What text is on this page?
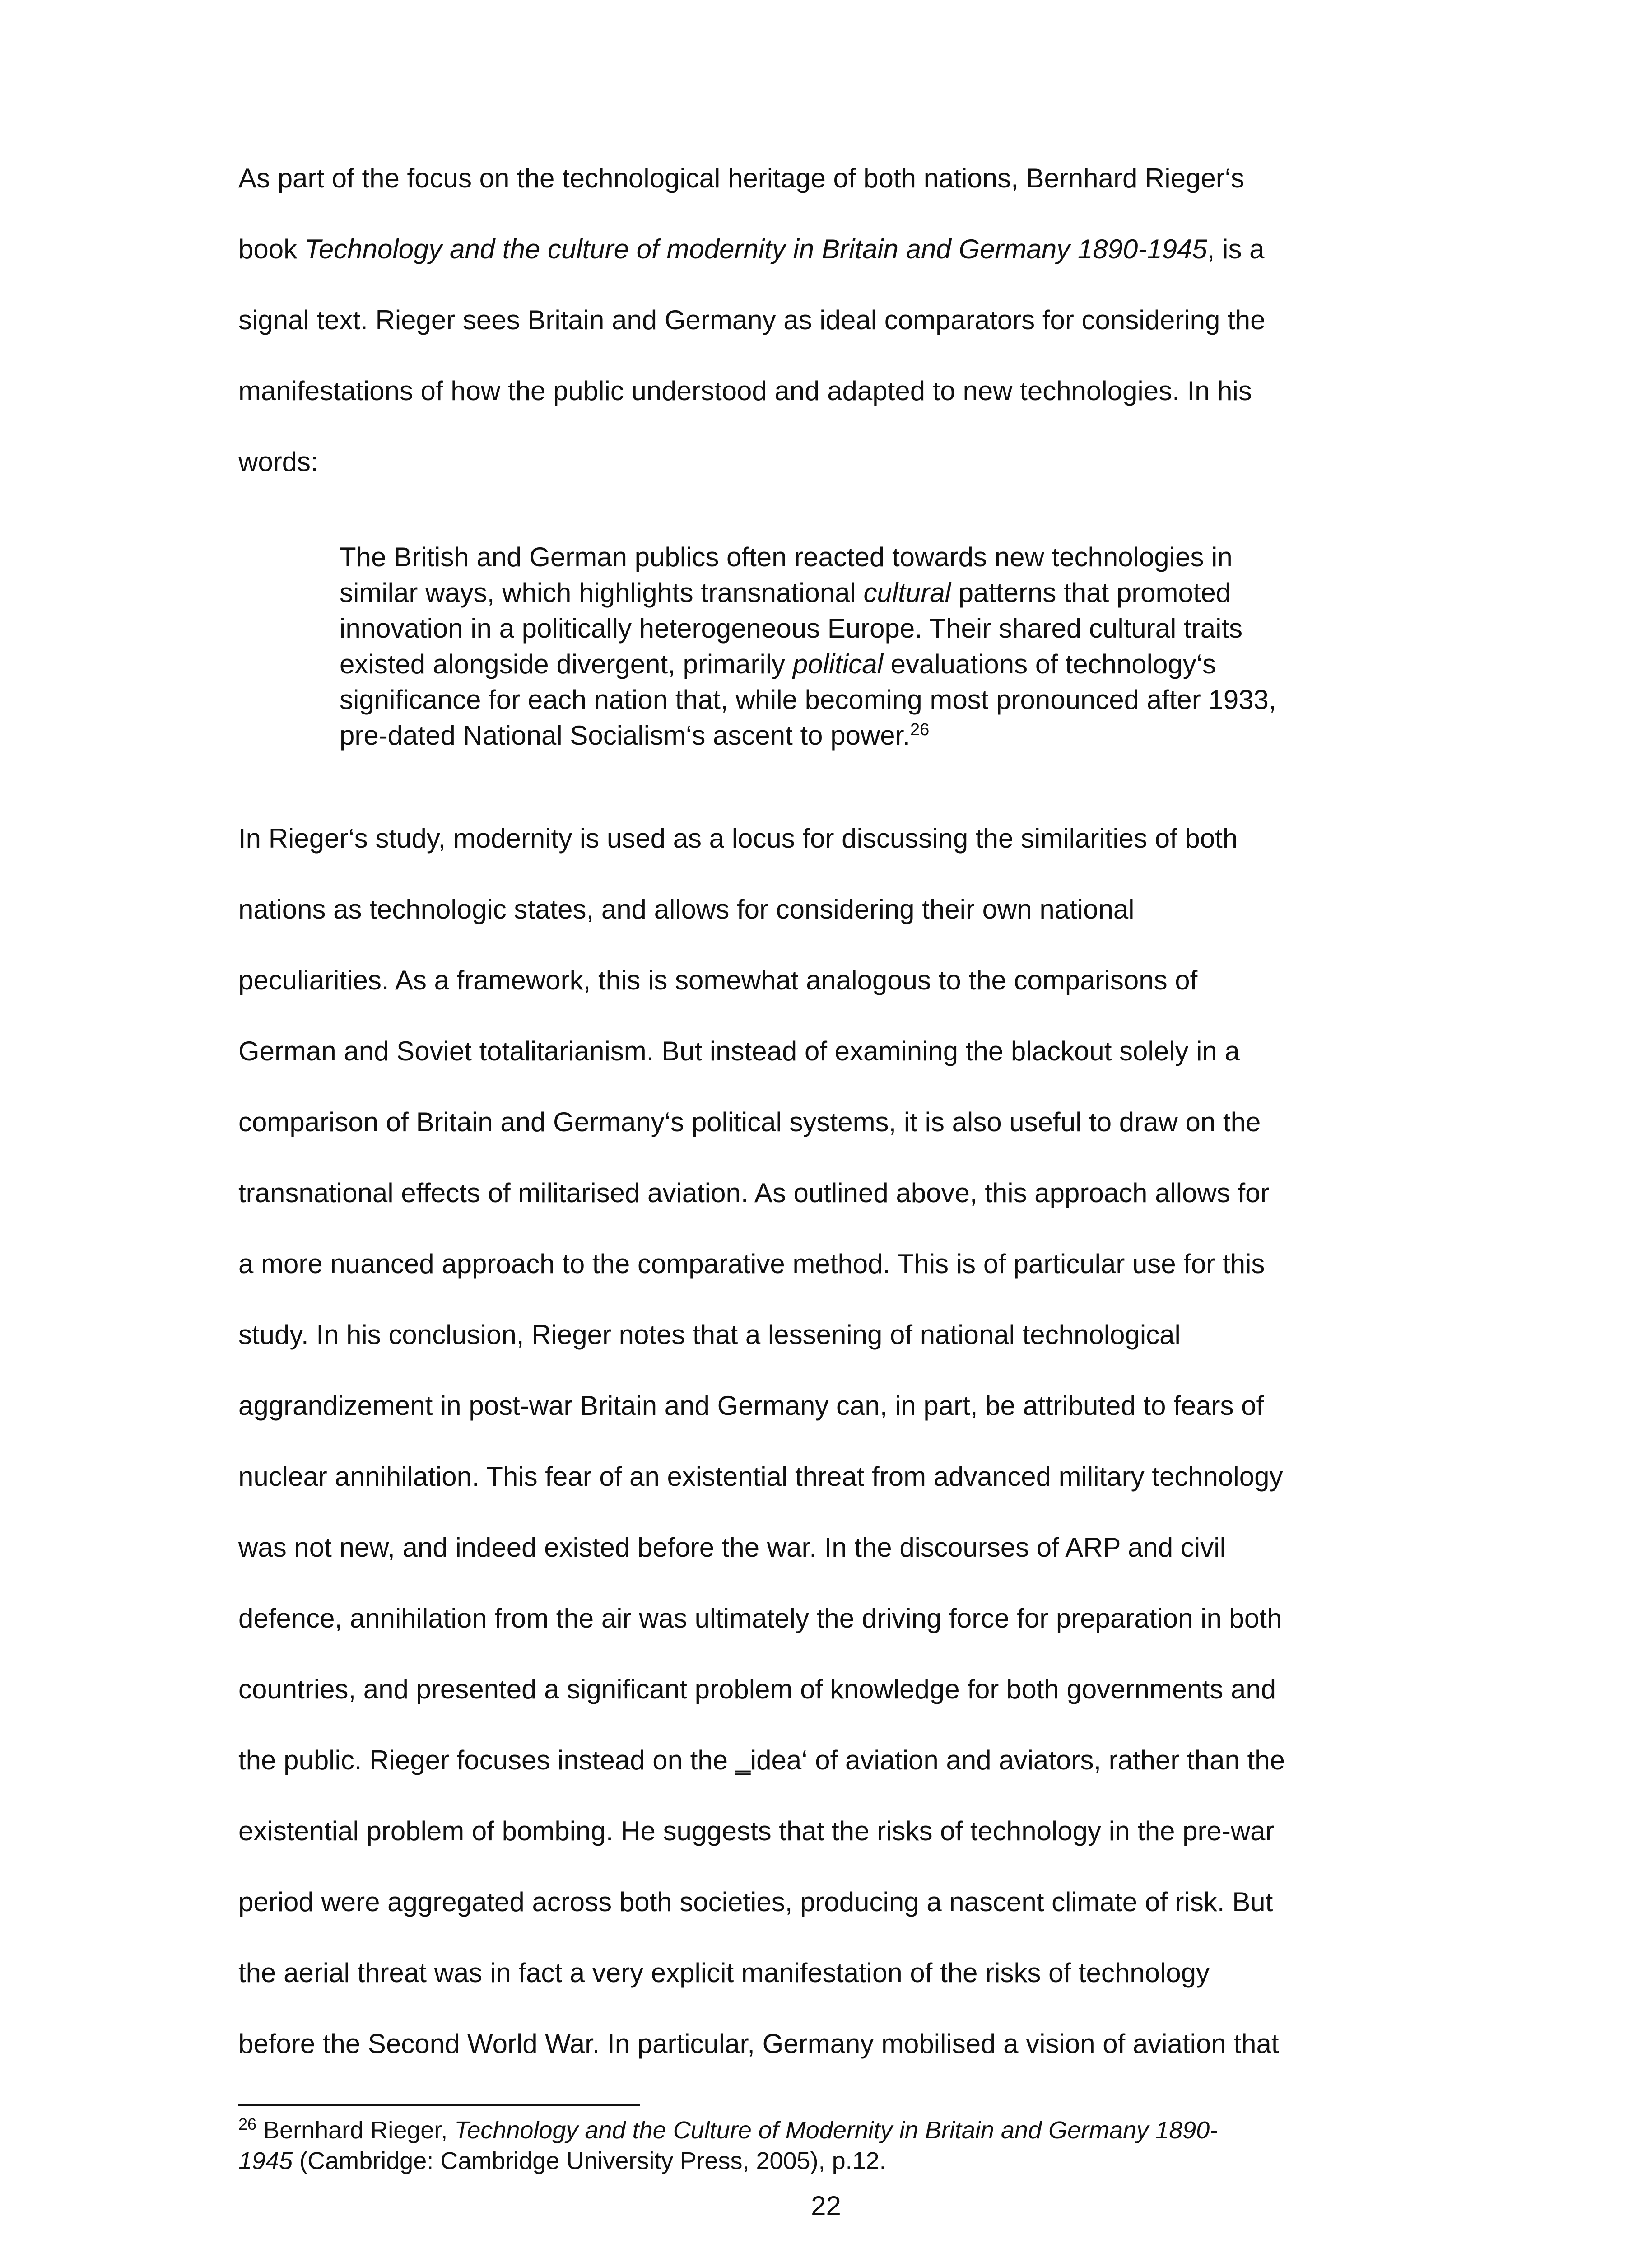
As part of the focus on the technological heritage of both nations, Bernhard Rieger‘s
book Technology and the culture of modernity in Britain and Germany 1890-1945, is a
signal text. Rieger sees Britain and Germany as ideal comparators for considering the
manifestations of how the public understood and adapted to new technologies. In his
words:
The British and German publics often reacted towards new technologies in
similar ways, which highlights transnational cultural patterns that promoted
innovation in a politically heterogeneous Europe. Their shared cultural traits
existed alongside divergent, primarily political evaluations of technology‘s
significance for each nation that, while becoming most pronounced after 1933,
pre-dated National Socialism‘s ascent to power.$^{26}$
In Rieger‘s study, modernity is used as a locus for discussing the similarities of both
nations as technologic states, and allows for considering their own national
peculiarities. As a framework, this is somewhat analogous to the comparisons of
German and Soviet totalitarianism. But instead of examining the blackout solely in a
comparison of Britain and Germany‘s political systems, it is also useful to draw on the
transnational effects of militarised aviation. As outlined above, this approach allows for
a more nuanced approach to the comparative method. This is of particular use for this
study. In his conclusion, Rieger notes that a lessening of national technological
aggrandizement in post-war Britain and Germany can, in part, be attributed to fears of
nuclear annihilation. This fear of an existential threat from advanced military technology
was not new, and indeed existed before the war. In the discourses of ARP and civil
defence, annihilation from the air was ultimately the driving force for preparation in both
countries, and presented a significant problem of knowledge for both governments and
the public. Rieger focuses instead on the ‗idea‘ of aviation and aviators, rather than the
existential problem of bombing. He suggests that the risks of technology in the pre-war
period were aggregated across both societies, producing a nascent climate of risk. But
the aerial threat was in fact a very explicit manifestation of the risks of technology
before the Second World War. In particular, Germany mobilised a vision of aviation that
$^{26}$ Bernhard Rieger, Technology and the Culture of Modernity in Britain and Germany 1890-
1945 (Cambridge: Cambridge University Press, 2005), p.12.
22
